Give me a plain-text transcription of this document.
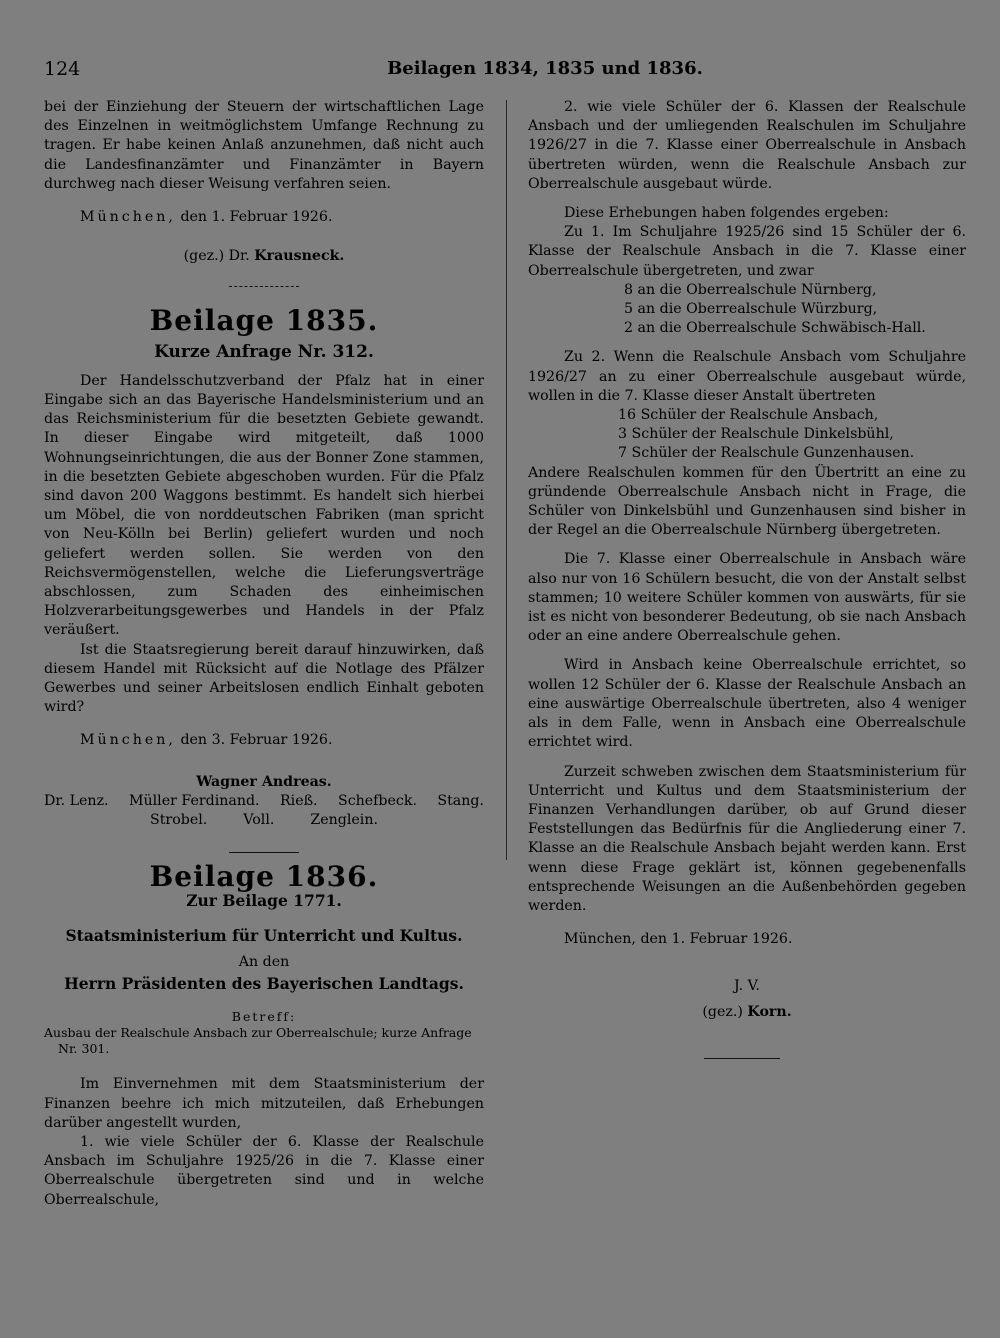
124	Beilagen 1834, 1835 und 1836.

bei der Einziehung der Steuern der wirtschaftlichen Lage des Einzelnen in weitmöglichstem Umfange Rechnung zu tragen. Er habe keinen Anlaß anzunehmen, daß nicht auch die Landesfinanzämter und Finanzämter in Bayern durchweg nach dieser Weisung verfahren seien.

München, den 1. Februar 1926.

(gez.) Dr. Krausneck.

Beilage 1835.
Kurze Anfrage Nr. 312.

Der Handelsschutzverband der Pfalz hat in einer Eingabe sich an das Bayerische Handelsministerium und an das Reichsministerium für die besetzten Gebiete gewandt. In dieser Eingabe wird mitgeteilt, daß 1000 Wohnungseinrichtungen, die aus der Bonner Zone stammen, in die besetzten Gebiete abgeschoben wurden. Für die Pfalz sind davon 200 Waggons bestimmt. Es handelt sich hierbei um Möbel, die von norddeutschen Fabriken (man spricht von Neu-Kölln bei Berlin) geliefert wurden und noch geliefert werden sollen. Sie werden von den Reichsvermögenstellen, welche die Lieferungsverträge abschlossen, zum Schaden des einheimischen Holzverarbeitungsgewerbes und Handels in der Pfalz veräußert.

Ist die Staatsregierung bereit darauf hinzuwirken, daß diesem Handel mit Rücksicht auf die Notlage des Pfälzer Gewerbes und seiner Arbeitslosen endlich Einhalt geboten wird?

München, den 3. Februar 1926.

Wagner Andreas.
Dr. Lenz. Müller Ferdinand. Rieß. Schefbeck. Stang.
Strobel.	Voll.	Zenglein.
Beilage 1836.
Zur Beilage 1771.
Staatsministerium für Unterricht und Kultus.
An den
Herrn Präsidenten des Bayerischen Landtags.
Betreff:
Ausbau der Realschule Ansbach zur Oberrealschule; kurze Anfrage Nr. 301.

Im Einvernehmen mit dem Staatsministerium der Finanzen beehre ich mich mitzuteilen, daß Erhebungen darüber angestellt wurden,

1. wie viele Schüler der 6. Klasse der Realschule Ansbach im Schuljahre 1925/26 in die 7. Klasse einer Oberrealschule übergetreten sind und in welche Oberrealschule,

2. wie viele Schüler der 6. Klassen der Realschule Ansbach und der umliegenden Realschulen im Schuljahre 1926/27 in die 7. Klasse einer Oberrealschule in Ansbach übertreten würden, wenn die Realschule Ansbach zur Oberrealschule ausgebaut würde.

Diese Erhebungen haben folgendes ergeben:

Zu 1. Im Schuljahre 1925/26 sind 15 Schüler der 6. Klasse der Realschule Ansbach in die 7. Klasse einer Oberrealschule übergetreten, und zwar

8 an die Oberrealschule Nürnberg,
5 an die Oberrealschule Würzburg,
2 an die Oberrealschule Schwäbisch-Hall.

Zu 2. Wenn die Realschule Ansbach vom Schuljahre 1926/27 an zu einer Oberrealschule ausgebaut würde, wollen in die 7. Klasse dieser Anstalt übertreten

16 Schüler der Realschule Ansbach,
3 Schüler der Realschule Dinkelsbühl,
7 Schüler der Realschule Gunzenhausen.

Andere Realschulen kommen für den Übertritt an eine zu gründende Oberrealschule Ansbach nicht in Frage, die Schüler von Dinkelsbühl und Gunzenhausen sind bisher in der Regel an die Oberrealschule Nürnberg übergetreten.

Die 7. Klasse einer Oberrealschule in Ansbach wäre also nur von 16 Schülern besucht, die von der Anstalt selbst stammen; 10 weitere Schüler kommen von auswärts, für sie ist es nicht von besonderer Bedeutung, ob sie nach Ansbach oder an eine andere Oberrealschule gehen.

Wird in Ansbach keine Oberrealschule errichtet, so wollen 12 Schüler der 6. Klasse der Realschule Ansbach an eine auswärtige Oberrealschule übertreten, also 4 weniger als in dem Falle, wenn in Ansbach eine Oberrealschule errichtet wird.

Zurzeit schweben zwischen dem Staatsministerium für Unterricht und Kultus und dem Staatsministerium der Finanzen Verhandlungen darüber, ob auf Grund dieser Feststellungen das Bedürfnis für die Angliederung einer 7. Klasse an die Realschule Ansbach bejaht werden kann. Erst wenn diese Frage geklärt ist, können gegebenenfalls entsprechende Weisungen an die Außenbehörden gegeben werden.

München, den 1. Februar 1926.

J. V.
(gez.) Korn.
